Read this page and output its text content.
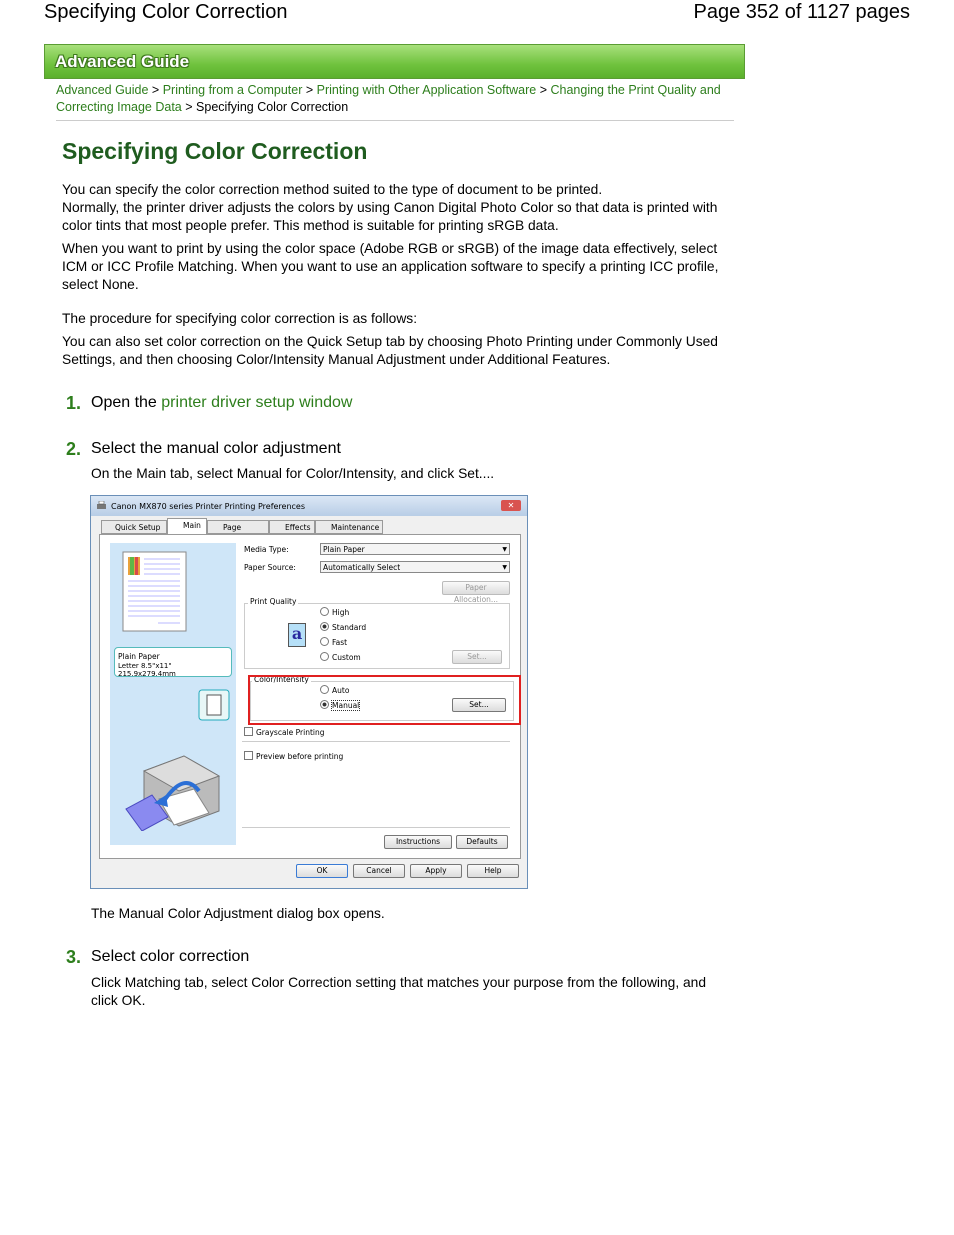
Specifying Color Correction	Page 352 of 1127 pages
Advanced Guide
Advanced Guide > Printing from a Computer > Printing with Other Application Software > Changing the Print Quality and Correcting Image Data > Specifying Color Correction
Specifying Color Correction
You can specify the color correction method suited to the type of document to be printed.
Normally, the printer driver adjusts the colors by using Canon Digital Photo Color so that data is printed with color tints that most people prefer. This method is suitable for printing sRGB data.
When you want to print by using the color space (Adobe RGB or sRGB) of the image data effectively, select ICM or ICC Profile Matching. When you want to use an application software to specify a printing ICC profile, select None.
The procedure for specifying color correction is as follows:
You can also set color correction on the Quick Setup tab by choosing Photo Printing under Commonly Used Settings, and then choosing Color/Intensity Manual Adjustment under Additional Features.
1. Open the printer driver setup window
2. Select the manual color adjustment
On the Main tab, select Manual for Color/Intensity, and click Set....
Canon MX870 series Printer Printing Preferences	✕
Quick Setup	Main	Page	Effects	Maintenance
Plain Paper
Letter 8.5"x11" 215.9x279.4mm
Media Type:	Plain Paper ▼
Paper Source:	Automatically Select ▼
Paper Allocation...
Print Quality
a
High
Standard
Fast
Custom	Set...
Color/Intensity
Auto
Manual	Set...
Grayscale Printing
Preview before printing
Instructions	Defaults
OK	Cancel	Apply	Help
The Manual Color Adjustment dialog box opens.
3. Select color correction
Click Matching tab, select Color Correction setting that matches your purpose from the following, and click OK.
